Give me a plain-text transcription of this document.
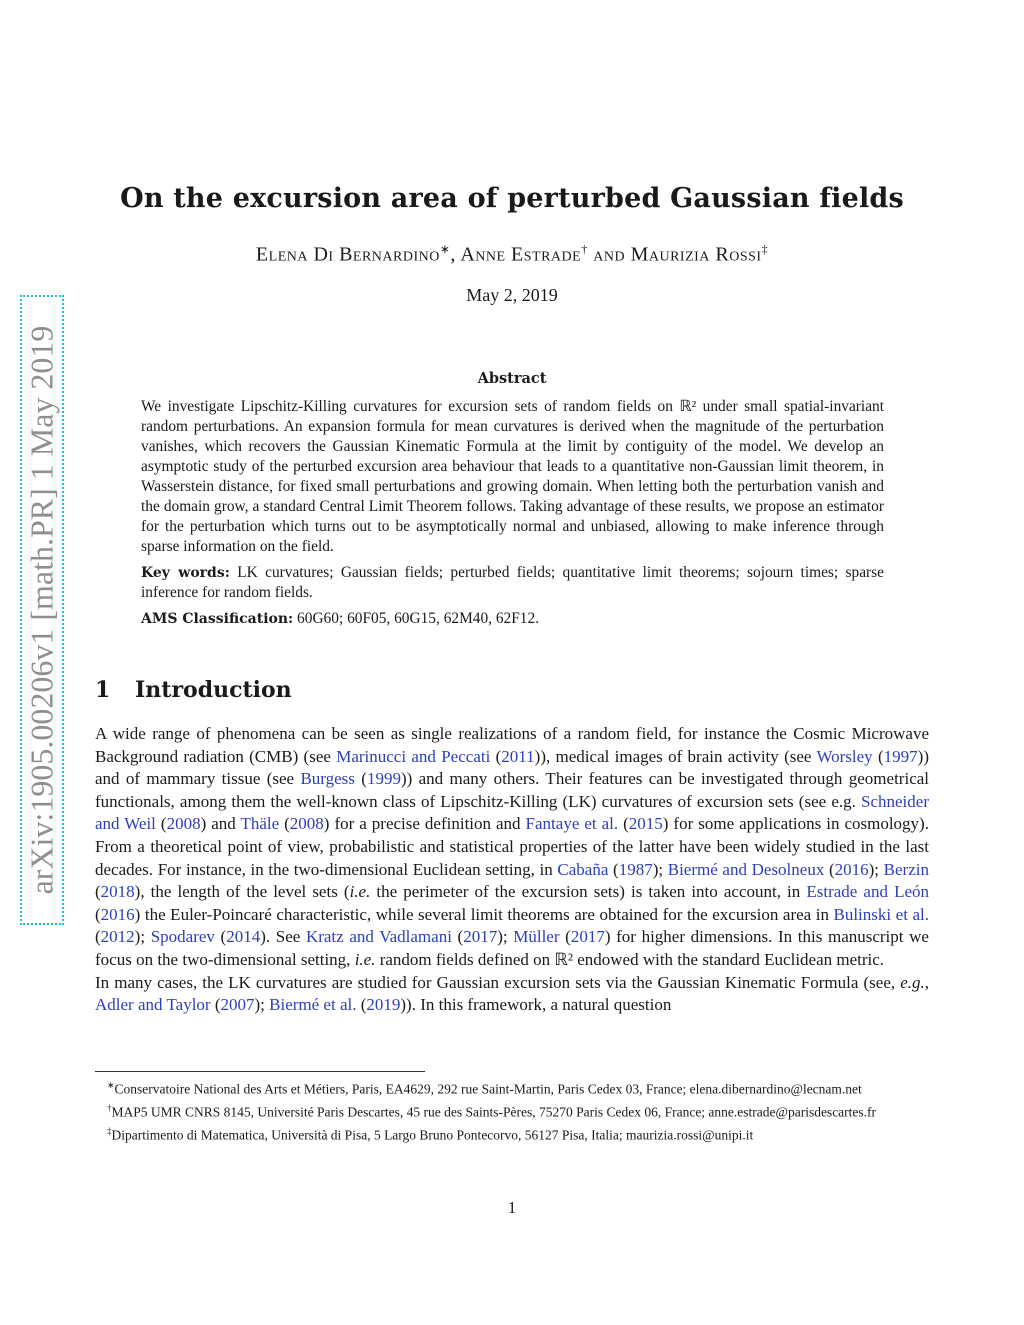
arXiv:1905.00206v1 [math.PR] 1 May 2019
On the excursion area of perturbed Gaussian fields
Elena Di Bernardino∗, Anne Estrade† and Maurizia Rossi‡
May 2, 2019
Abstract

We investigate Lipschitz-Killing curvatures for excursion sets of random fields on ℝ² under small spatial-invariant random perturbations. An expansion formula for mean curvatures is derived when the magnitude of the perturbation vanishes, which recovers the Gaussian Kinematic Formula at the limit by contiguity of the model. We develop an asymptotic study of the perturbed excursion area behaviour that leads to a quantitative non-Gaussian limit theorem, in Wasserstein distance, for fixed small perturbations and growing domain. When letting both the perturbation vanish and the domain grow, a standard Central Limit Theorem follows. Taking advantage of these results, we propose an estimator for the perturbation which turns out to be asymptotically normal and unbiased, allowing to make inference through sparse information on the field.

Key words: LK curvatures; Gaussian fields; perturbed fields; quantitative limit theorems; sojourn times; sparse inference for random fields.

AMS Classification: 60G60; 60F05, 60G15, 62M40, 62F12.

1 Introduction

A wide range of phenomena can be seen as single realizations of a random field, for instance the Cosmic Microwave Background radiation (CMB) (see Marinucci and Peccati (2011)), medical images of brain activity (see Worsley (1997)) and of mammary tissue (see Burgess (1999)) and many others. Their features can be investigated through geometrical functionals, among them the well-known class of Lipschitz-Killing (LK) curvatures of excursion sets (see e.g. Schneider and Weil (2008) and Thäle (2008) for a precise definition and Fantaye et al. (2015) for some applications in cosmology). From a theoretical point of view, probabilistic and statistical properties of the latter have been widely studied in the last decades. For instance, in the two-dimensional Euclidean setting, in Cabaña (1987); Biermé and Desolneux (2016); Berzin (2018), the length of the level sets (i.e. the perimeter of the excursion sets) is taken into account, in Estrade and León (2016) the Euler-Poincaré characteristic, while several limit theorems are obtained for the excursion area in Bulinski et al. (2012); Spodarev (2014). See Kratz and Vadlamani (2017); Müller (2017) for higher dimensions. In this manuscript we focus on the two-dimensional setting, i.e. random fields defined on ℝ² endowed with the standard Euclidean metric.

In many cases, the LK curvatures are studied for Gaussian excursion sets via the Gaussian Kinematic Formula (see, e.g., Adler and Taylor (2007); Biermé et al. (2019)). In this framework, a natural question

∗Conservatoire National des Arts et Métiers, Paris, EA4629, 292 rue Saint-Martin, Paris Cedex 03, France; elena.dibernardino@lecnam.net

†MAP5 UMR CNRS 8145, Université Paris Descartes, 45 rue des Saints-Pères, 75270 Paris Cedex 06, France; anne.estrade@parisdescartes.fr

‡Dipartimento di Matematica, Università di Pisa, 5 Largo Bruno Pontecorvo, 56127 Pisa, Italia; maurizia.rossi@unipi.it

1
